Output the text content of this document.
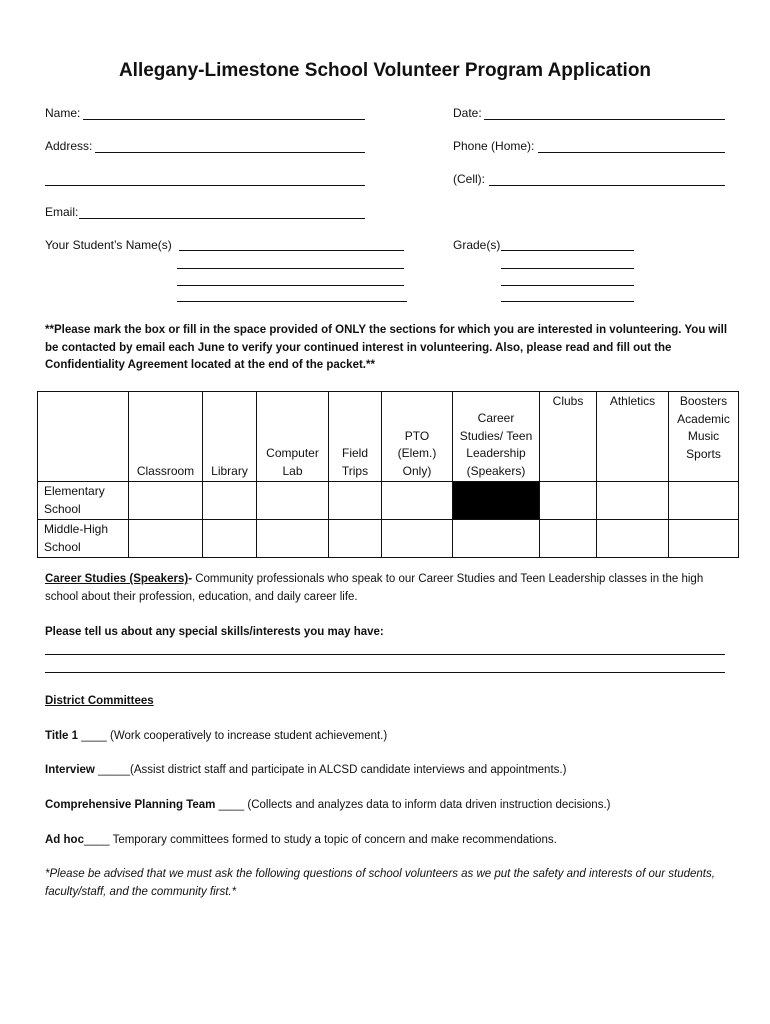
Allegany-Limestone School Volunteer Program Application
Name:	Date:
Address:	Phone (Home):
(Cell):
Email:
Your Student’s Name(s)	Grade(s)
**Please mark the box or fill in the space provided of ONLY the sections for which you are interested in volunteering. You will be contacted by email each June to verify your continued interest in volunteering. Also, please read and fill out the Confidentiality Agreement located at the end of the packet.**
	Classroom	Library	Computer Lab	Field Trips	PTO (Elem.) Only)	Career Studies/ Teen Leadership (Speakers)	Clubs	Athletics	Boosters Academic Music Sports
Elementary School									
Middle-High School									
Career Studies (Speakers)- Community professionals who speak to our Career Studies and Teen Leadership classes in the high school about their profession, education, and daily career life.
Please tell us about any special skills/interests you may have:
District Committees
Title 1 ____ (Work cooperatively to increase student achievement.)
Interview _____(Assist district staff and participate in ALCSD candidate interviews and appointments.)
Comprehensive Planning Team ____ (Collects and analyzes data to inform data driven instruction decisions.)
Ad hoc____ Temporary committees formed to study a topic of concern and make recommendations.
*Please be advised that we must ask the following questions of school volunteers as we put the safety and interests of our students, faculty/staff, and the community first.*
